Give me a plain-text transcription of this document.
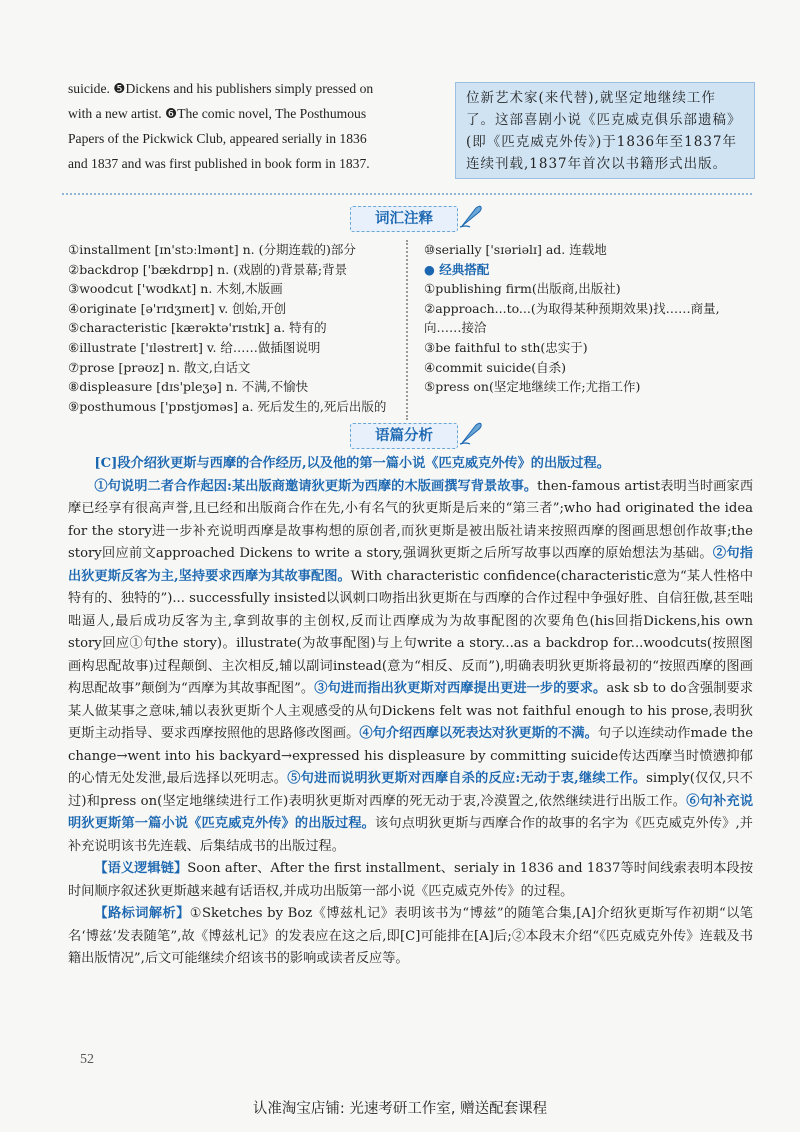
suicide. ❺Dickens and his publishers simply pressed on

with a new artist. ❻The comic novel, The Posthumous

Papers of the Pickwick Club, appeared serially in 1836

and 1837 and was first published in book form in 1837.

位新艺术家(来代替),就坚定地继续工作了。这部喜剧小说《匹克威克俱乐部遗稿》(即《匹克威克外传》)于1836年至1837年连续刊载,1837年首次以书籍形式出版。
词汇注释
①installment [ɪn'stɔːlmənt] n. (分期连载的)部分
②backdrop ['bækdrɒp] n. (戏剧的)背景幕;背景
③woodcut ['wʊdkʌt] n. 木刻,木版画
④originate [ə'rɪdʒɪneɪt] v. 创始,开创
⑤characteristic [kærəktə'rɪstɪk] a. 特有的
⑥illustrate ['ɪləstreɪt] v. 给……做插图说明
⑦prose [prəʊz] n. 散文,白话文
⑧displeasure [dɪs'pleʒə] n. 不满,不愉快
⑨posthumous ['pɒstjʊməs] a. 死后发生的,死后出版的
⑩serially ['sɪəriəlɪ] ad. 连载地
● 经典搭配
①publishing firm(出版商,出版社)
②approach...to...(为取得某种预期效果)找……商量,向……接洽
③be faithful to sth(忠实于)
④commit suicide(自杀)
⑤press on(坚定地继续工作;尤指工作)
语篇分析

[C]段介绍狄更斯与西摩的合作经历,以及他的第一篇小说《匹克威克外传》的出版过程。

①句说明二者合作起因:某出版商邀请狄更斯为西摩的木版画撰写背景故事。then-famous artist表明当时画家西摩已经享有很高声誉,且已经和出版商合作在先,小有名气的狄更斯是后来的“第三者”;who had originated the idea for the story进一步补充说明西摩是故事构想的原创者,而狄更斯是被出版社请来按照西摩的图画思想创作故事;the story回应前文approached Dickens to write a story,强调狄更斯之后所写故事以西摩的原始想法为基础。②句指出狄更斯反客为主,坚持要求西摩为其故事配图。With characteristic confidence(characteristic意为“某人性格中特有的、独特的”)... successfully insisted以讽刺口吻指出狄更斯在与西摩的合作过程中争强好胜、自信狂傲,甚至咄咄逼人,最后成功反客为主,拿到故事的主创权,反而让西摩成为为故事配图的次要角色(his回指Dickens,his own story回应①句the story)。illustrate(为故事配图)与上句write a story...as a backdrop for...woodcuts(按照图画构思配故事)过程颠倒、主次相反,辅以副词instead(意为“相反、反而”),明确表明狄更斯将最初的“按照西摩的图画构思配故事”颠倒为“西摩为其故事配图”。③句进而指出狄更斯对西摩提出更进一步的要求。ask sb to do含强制要求某人做某事之意味,辅以表狄更斯个人主观感受的从句Dickens felt was not faithful enough to his prose,表明狄更斯主动指导、要求西摩按照他的思路修改图画。④句介绍西摩以死表达对狄更斯的不满。句子以连续动作made the change→went into his backyard→expressed his displeasure by committing suicide传达西摩当时愤懑抑郁的心情无处发泄,最后选择以死明志。⑤句进而说明狄更斯对西摩自杀的反应:无动于衷,继续工作。simply(仅仅,只不过)和press on(坚定地继续进行工作)表明狄更斯对西摩的死无动于衷,冷漠置之,依然继续进行出版工作。⑥句补充说明狄更斯第一篇小说《匹克威克外传》的出版过程。该句点明狄更斯与西摩合作的故事的名字为《匹克威克外传》,并补充说明该书先连载、后集结成书的出版过程。

【语义逻辑链】Soon after、After the first installment、serialy in 1836 and 1837等时间线索表明本段按时间顺序叙述狄更斯越来越有话语权,并成功出版第一部小说《匹克威克外传》的过程。

【路标词解析】①Sketches by Boz《博兹札记》表明该书为“博兹”的随笔合集,[A]介绍狄更斯写作初期“以笔名‘博兹’发表随笔”,故《博兹札记》的发表应在这之后,即[C]可能排在[A]后;②本段末介绍“《匹克威克外传》连载及书籍出版情况”,后文可能继续介绍该书的影响或读者反应等。

52
认准淘宝店铺: 光速考研工作室, 赠送配套课程
